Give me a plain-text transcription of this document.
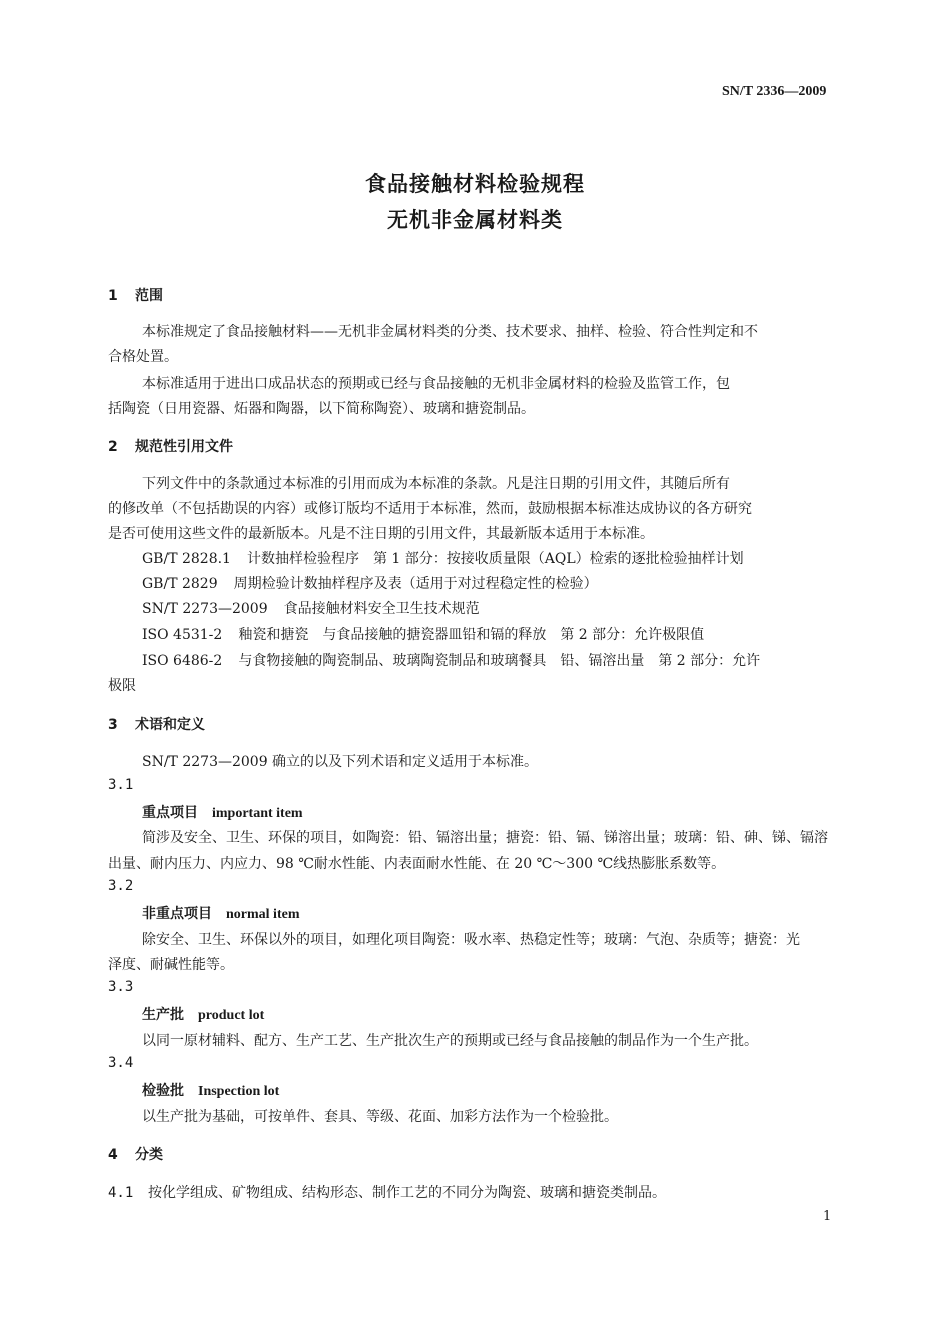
SN/T 2336—2009
食品接触材料检验规程
无机非金属材料类
1 范围
本标准规定了食品接触材料——无机非金属材料类的分类、技术要求、抽样、检验、符合性判定和不
合格处置。
本标准适用于进出口成品状态的预期或已经与食品接触的无机非金属材料的检验及监管工作，包
括陶瓷（日用瓷器、炻器和陶器，以下简称陶瓷）、玻璃和搪瓷制品。
2 规范性引用文件
下列文件中的条款通过本标准的引用而成为本标准的条款。凡是注日期的引用文件，其随后所有
的修改单（不包括勘误的内容）或修订版均不适用于本标准，然而，鼓励根据本标准达成协议的各方研究
是否可使用这些文件的最新版本。凡是不注日期的引用文件，其最新版本适用于本标准。
GB/T 2828.1 计数抽样检验程序　第 1 部分：按接收质量限（AQL）检索的逐批检验抽样计划
GB/T 2829 周期检验计数抽样程序及表（适用于对过程稳定性的检验）
SN/T 2273—2009 食品接触材料安全卫生技术规范
ISO 4531-2 釉瓷和搪瓷　与食品接触的搪瓷器皿铅和镉的释放　第 2 部分：允许极限值
ISO 6486-2 与食物接触的陶瓷制品、玻璃陶瓷制品和玻璃餐具　铅、镉溶出量　第 2 部分：允许
极限
3 术语和定义
SN/T 2273—2009 确立的以及下列术语和定义适用于本标准。
3.1
重点项目 important item
简涉及安全、卫生、环保的项目，如陶瓷：铅、镉溶出量；搪瓷：铅、镉、锑溶出量；玻璃：铅、砷、锑、镉溶
出量、耐内压力、内应力、98 ℃耐水性能、内表面耐水性能、在 20 ℃～300 ℃线热膨胀系数等。
3.2
非重点项目 normal item
除安全、卫生、环保以外的项目，如理化项目陶瓷：吸水率、热稳定性等；玻璃：气泡、杂质等；搪瓷：光
泽度、耐碱性能等。
3.3
生产批 product lot
以同一原材辅料、配方、生产工艺、生产批次生产的预期或已经与食品接触的制品作为一个生产批。
3.4
检验批 Inspection lot
以生产批为基础，可按单件、套具、等级、花面、加彩方法作为一个检验批。
4 分类
4.1 按化学组成、矿物组成、结构形态、制作工艺的不同分为陶瓷、玻璃和搪瓷类制品。
1
